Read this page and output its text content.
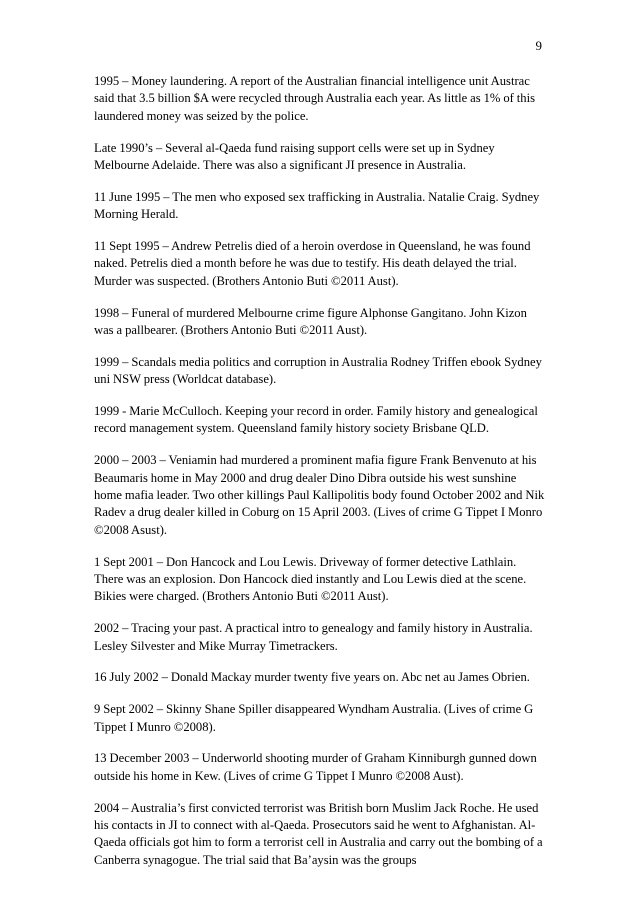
9

1995 – Money laundering. A report of the Australian financial intelligence unit Austrac said that 3.5 billion $A were recycled through Australia each year. As little as 1% of this laundered money was seized by the police.

Late 1990’s – Several al-Qaeda fund raising support cells were set up in Sydney Melbourne Adelaide. There was also a significant JI presence in Australia.

11 June 1995 – The men who exposed sex trafficking in Australia. Natalie Craig. Sydney Morning Herald.

11 Sept 1995 – Andrew Petrelis died of a heroin overdose in Queensland, he was found naked. Petrelis died a month before he was due to testify. His death delayed the trial. Murder was suspected. (Brothers Antonio Buti ©2011 Aust).

1998 – Funeral of murdered Melbourne crime figure Alphonse Gangitano. John Kizon was a pallbearer. (Brothers Antonio Buti ©2011 Aust).

1999 – Scandals media politics and corruption in Australia Rodney Triffen ebook Sydney uni NSW press (Worldcat database).

1999 - Marie McCulloch. Keeping your record in order. Family history and genealogical record management system. Queensland family history society Brisbane QLD.

2000 – 2003 – Veniamin had murdered a prominent mafia figure Frank Benvenuto at his Beaumaris home in May 2000 and drug dealer Dino Dibra outside his west sunshine home mafia leader. Two other killings Paul Kallipolitis body found October 2002 and Nik Radev a drug dealer killed in Coburg on 15 April 2003. (Lives of crime G Tippet I Monro ©2008 Asust).

1 Sept 2001 – Don Hancock and Lou Lewis. Driveway of former detective Lathlain. There was an explosion. Don Hancock died instantly and Lou Lewis died at the scene. Bikies were charged. (Brothers Antonio Buti ©2011 Aust).

2002 – Tracing your past. A practical intro to genealogy and family history in Australia. Lesley Silvester and Mike Murray Timetrackers.

16 July 2002 – Donald Mackay murder twenty five years on. Abc net au James Obrien.

9 Sept 2002 – Skinny Shane Spiller disappeared Wyndham Australia. (Lives of crime G Tippet I Munro ©2008).

13 December 2003 – Underworld shooting murder of Graham Kinniburgh gunned down outside his home in Kew. (Lives of crime G Tippet I Munro ©2008 Aust).

2004 – Australia’s first convicted terrorist was British born Muslim Jack Roche. He used his contacts in JI to connect with al-Qaeda. Prosecutors said he went to Afghanistan. Al-Qaeda officials got him to form a terrorist cell in Australia and carry out the bombing of a Canberra synagogue. The trial said that Ba’aysin was the groups
